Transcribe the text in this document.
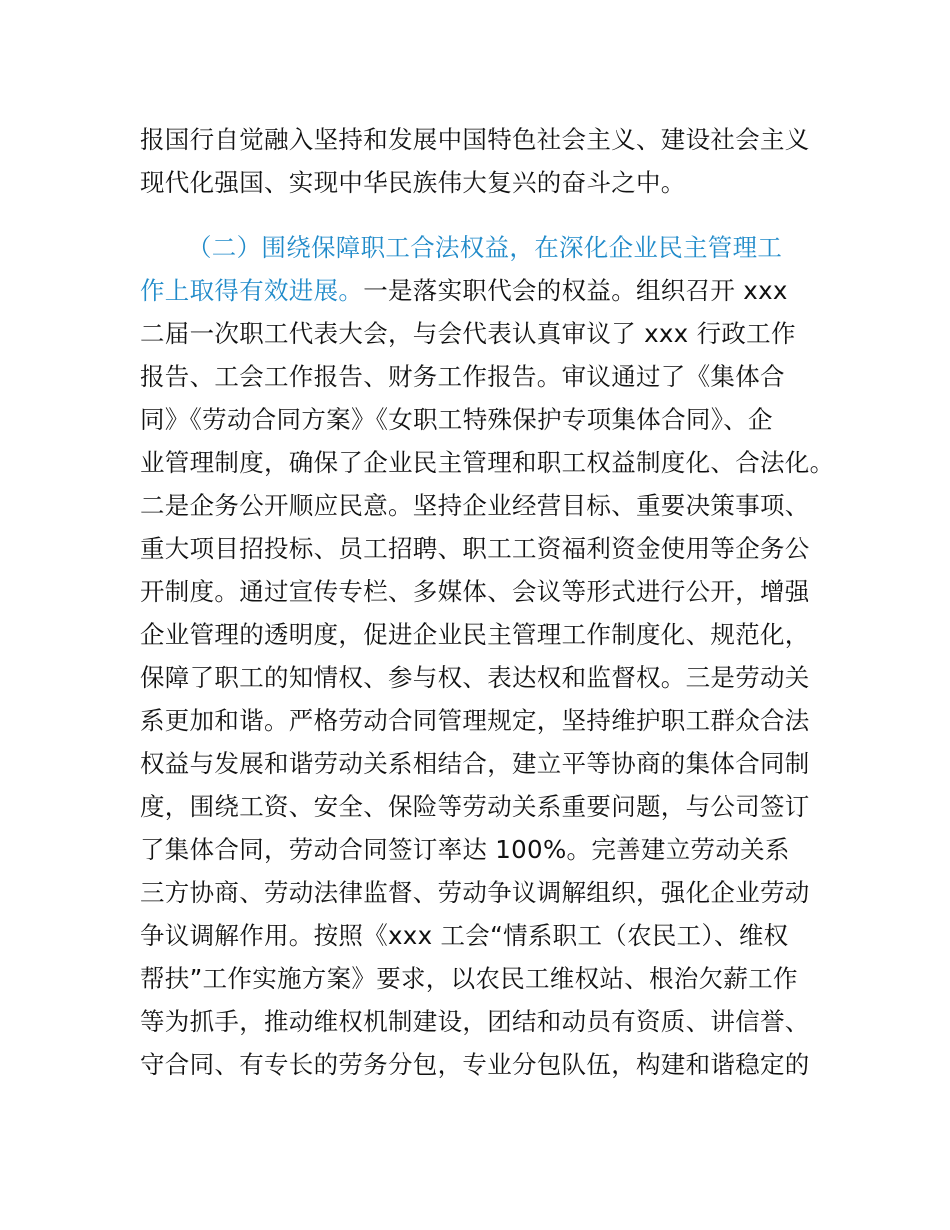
报国行自觉融入坚持和发展中国特色社会主义、建设社会主义
现代化强国、实现中华民族伟大复兴的奋斗之中。
（二）围绕保障职工合法权益，在深化企业民主管理工
作上取得有效进展。一是落实职代会的权益。组织召开 xxx
二届一次职工代表大会，与会代表认真审议了 xxx 行政工作
报告、工会工作报告、财务工作报告。审议通过了《集体合
同》《劳动合同方案》《女职工特殊保护专项集体合同》、企
业管理制度，确保了企业民主管理和职工权益制度化、合法化。
二是企务公开顺应民意。坚持企业经营目标、重要决策事项、
重大项目招投标、员工招聘、职工工资福利资金使用等企务公
开制度。通过宣传专栏、多媒体、会议等形式进行公开，增强
企业管理的透明度，促进企业民主管理工作制度化、规范化，
保障了职工的知情权、参与权、表达权和监督权。三是劳动关
系更加和谐。严格劳动合同管理规定，坚持维护职工群众合法
权益与发展和谐劳动关系相结合，建立平等协商的集体合同制
度，围绕工资、安全、保险等劳动关系重要问题，与公司签订
了集体合同，劳动合同签订率达 100%。完善建立劳动关系
三方协商、劳动法律监督、劳动争议调解组织，强化企业劳动
争议调解作用。按照《xxx 工会“情系职工（农民工）、维权
帮扶”工作实施方案》要求，以农民工维权站、根治欠薪工作
等为抓手，推动维权机制建设，团结和动员有资质、讲信誉、
守合同、有专长的劳务分包，专业分包队伍，构建和谐稳定的
